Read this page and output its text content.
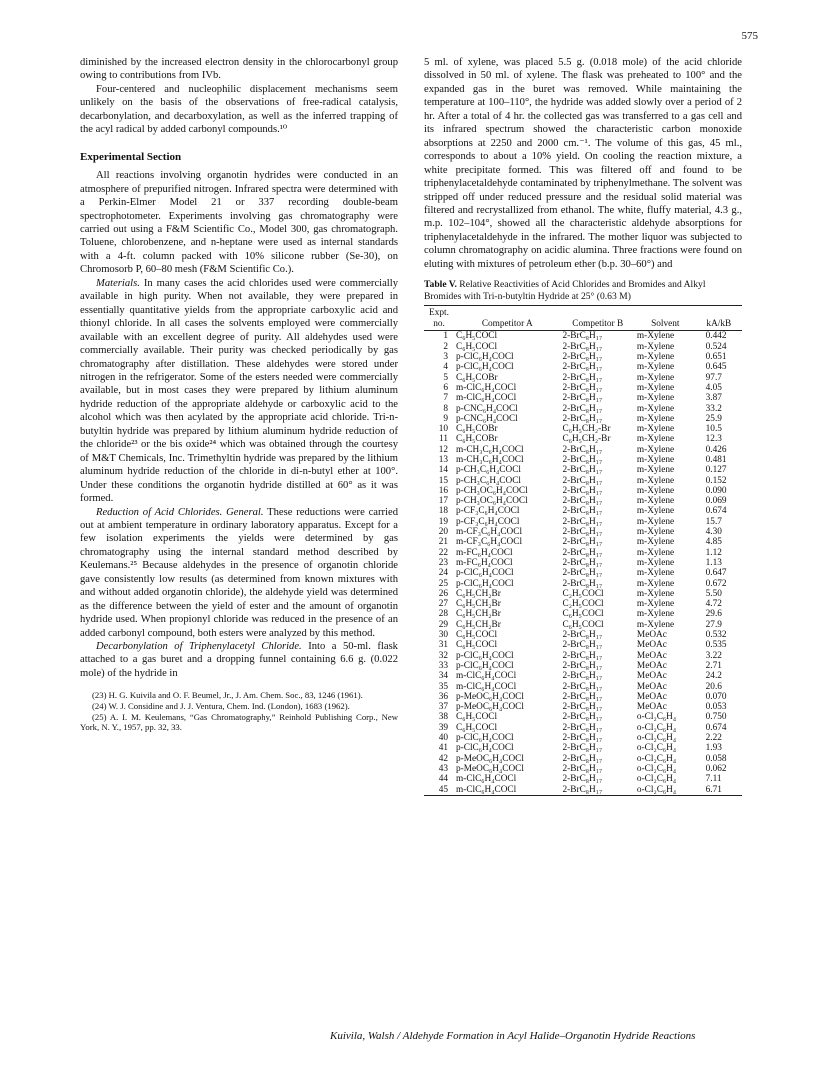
575

diminished by the increased electron density in the chlorocarbonyl group owing to contributions from IVb.

Four-centered and nucleophilic displacement mechanisms seem unlikely on the basis of the observations of free-radical catalysis, decarbonylation, and decarboxylation, as well as the inferred trapping of the acyl radical by added carbonyl compounds.¹⁰

Experimental Section

All reactions involving organotin hydrides were conducted in an atmosphere of prepurified nitrogen. Infrared spectra were determined with a Perkin-Elmer Model 21 or 337 recording double-beam spectrophotometer. Experiments involving gas chromatography were carried out using a F&M Scientific Co., Model 300, gas chromatograph. Toluene, chlorobenzene, and n-heptane were used as internal standards with a 4-ft. column packed with 10% silicone rubber (Se-30), on Chromosorb P, 60–80 mesh (F&M Scientific Co.).

Materials. In many cases the acid chlorides used were commercially available in high purity. When not available, they were prepared in essentially quantitative yields from the appropriate carboxylic acid and thionyl chloride. In all cases the solvents employed were commercially available with an excellent degree of purity. All aldehydes used were commercially available. Their purity was checked periodically by gas chromatography after distillation. These aldehydes were stored under nitrogen in the refrigerator. Some of the esters needed were commercially available, but in most cases they were prepared by lithium aluminum hydride reduction of the appropriate aldehyde or carboxylic acid to the alcohol which was then acylated by the appropriate acid chloride. Tri-n-butyltin hydride was prepared by lithium aluminum hydride reduction of the chloride²³ or the bis oxide²⁴ which was obtained through the courtesy of M&T Chemicals, Inc. Trimethyltin hydride was prepared by the lithium aluminum hydride reduction of the chloride in di-n-butyl ether at 100°. Under these conditions the organotin hydride distilled at 60° as it was formed.

Reduction of Acid Chlorides. General. These reductions were carried out at ambient temperature in ordinary laboratory apparatus. Except for a few isolation experiments the yields were determined by gas chromatography using the internal standard method described by Keulemans.²⁵ Because aldehydes in the presence of organotin chloride gave consistently low results (as determined from known mixtures with and without added organotin chloride), the aldehyde yield was determined as the difference between the yield of ester and the amount of organotin hydride used. When propionyl chloride was reduced in the presence of an added carbonyl compound, both esters were analyzed by this method.

Decarbonylation of Triphenylacetyl Chloride. Into a 50-ml. flask attached to a gas buret and a dropping funnel containing 6.6 g. (0.022 mole) of the hydride in

(23) H. G. Kuivila and O. F. Beumel, Jr., J. Am. Chem. Soc., 83, 1246 (1961).

(24) W. J. Considine and J. J. Ventura, Chem. Ind. (London), 1683 (1962).

(25) A. I. M. Keulemans, “Gas Chromatography,” Reinhold Publishing Corp., New York, N. Y., 1957, pp. 32, 33.

5 ml. of xylene, was placed 5.5 g. (0.018 mole) of the acid chloride dissolved in 50 ml. of xylene. The flask was preheated to 100° and the expanded gas in the buret was removed. While maintaining the temperature at 100–110°, the hydride was added slowly over a period of 2 hr. After a total of 4 hr. the collected gas was transferred to a gas cell and its infrared spectrum showed the characteristic carbon monoxide absorptions at 2250 and 2000 cm.⁻¹. The volume of this gas, 45 ml., corresponds to about a 10% yield. On cooling the reaction mixture, a white precipitate formed. This was filtered off and found to be triphenylacetaldehyde contaminated by triphenylmethane. The solvent was stripped off under reduced pressure and the residual solid material was filtered and recrystallized from ethanol. The white, fluffy material, 4.3 g., m.p. 102–104°, showed all the characteristic aldehyde absorptions for triphenylacetaldehyde in the infrared. The mother liquor was subjected to column chromatography on acidic alumina. Three fractions were found on eluting with mixtures of petroleum ether (b.p. 30–60°) and

Table V. Relative Reactivities of Acid Chlorides and Bromides and Alkyl Bromides with Tri-n-butyltin Hydride at 25° (0.63 M)
Expt. no.	Competitor A	Competitor B	Solvent	kA/kB
1	C₆H₅COCl	2-BrC₈H₁₇	m-Xylene	0.442
2	C₆H₅COCl	2-BrC₈H₁₇	m-Xylene	0.524
3	p-ClC₆H₄COCl	2-BrC₈H₁₇	m-Xylene	0.651
4	p-ClC₆H₄COCl	2-BrC₈H₁₇	m-Xylene	0.645
5	C₆H₅COBr	2-BrC₈H₁₇	m-Xylene	97.7
6	m-ClC₆H₄COCl	2-BrC₈H₁₇	m-Xylene	4.05
7	m-ClC₆H₄COCl	2-BrC₈H₁₇	m-Xylene	3.87
8	p-CNC₆H₄COCl	2-BrC₈H₁₇	m-Xylene	33.2
9	p-CNC₆H₄COCl	2-BrC₈H₁₇	m-Xylene	25.9
10	C₆H₅COBr	C₆H₅CH₂-Br	m-Xylene	10.5
11	C₆H₅COBr	C₆H₅CH₂-Br	m-Xylene	12.3
12	m-CH₃C₆H₄COCl	2-BrC₈H₁₇	m-Xylene	0.426
13	m-CH₃C₆H₄COCl	2-BrC₈H₁₇	m-Xylene	0.481
14	p-CH₃C₆H₄COCl	2-BrC₈H₁₇	m-Xylene	0.127
15	p-CH₃C₆H₄COCl	2-BrC₈H₁₇	m-Xylene	0.152
16	p-CH₃OC₆H₄COCl	2-BrC₈H₁₇	m-Xylene	0.090
17	p-CH₃OC₆H₄COCl	2-BrC₈H₁₇	m-Xylene	0.069
18	p-CF₃C₆H₄COCl	2-BrC₈H₁₇	m-Xylene	0.674
19	p-CF₃C₆H₄COCl	2-BrC₈H₁₇	m-Xylene	15.7
20	m-CF₃C₆H₄COCl	2-BrC₈H₁₇	m-Xylene	4.30
21	m-CF₃C₆H₄COCl	2-BrC₈H₁₇	m-Xylene	4.85
22	m-FC₆H₄COCl	2-BrC₈H₁₇	m-Xylene	1.12
23	m-FC₆H₄COCl	2-BrC₈H₁₇	m-Xylene	1.13
24	p-ClC₆H₄COCl	2-BrC₈H₁₇	m-Xylene	0.647
25	p-ClC₆H₄COCl	2-BrC₈H₁₇	m-Xylene	0.672
26	C₆H₅CH₂Br	C₂H₅COCl	m-Xylene	5.50
27	C₆H₅CH₂Br	C₂H₅COCl	m-Xylene	4.72
28	C₆H₅CH₂Br	C₆H₅COCl	m-Xylene	29.6
29	C₆H₅CH₂Br	C₆H₅COCl	m-Xylene	27.9
30	C₆H₅COCl	2-BrC₈H₁₇	MeOAc	0.532
31	C₆H₅COCl	2-BrC₈H₁₇	MeOAc	0.535
32	p-ClC₆H₄COCl	2-BrC₈H₁₇	MeOAc	3.22
33	p-ClC₆H₄COCl	2-BrC₈H₁₇	MeOAc	2.71
34	m-ClC₆H₄COCl	2-BrC₈H₁₇	MeOAc	24.2
35	m-ClC₆H₄COCl	2-BrC₈H₁₇	MeOAc	20.6
36	p-MeOC₆H₄COCl	2-BrC₈H₁₇	MeOAc	0.070
37	p-MeOC₆H₄COCl	2-BrC₈H₁₇	MeOAc	0.053
38	C₆H₅COCl	2-BrC₈H₁₇	o-Cl₂C₆H₄	0.750
39	C₆H₅COCl	2-BrC₈H₁₇	o-Cl₂C₆H₄	0.674
40	p-ClC₆H₄COCl	2-BrC₈H₁₇	o-Cl₂C₆H₄	2.22
41	p-ClC₆H₄COCl	2-BrC₈H₁₇	o-Cl₂C₆H₄	1.93
42	p-MeOC₆H₄COCl	2-BrC₈H₁₇	o-Cl₂C₆H₄	0.058
43	p-MeOC₆H₄COCl	2-BrC₈H₁₇	o-Cl₂C₆H₄	0.062
44	m-ClC₆H₄COCl	2-BrC₈H₁₇	o-Cl₂C₆H₄	7.11
45	m-ClC₆H₄COCl	2-BrC₈H₁₇	o-Cl₂C₆H₄	6.71
Kuivila, Walsh / Aldehyde Formation in Acyl Halide–Organotin Hydride Reactions
